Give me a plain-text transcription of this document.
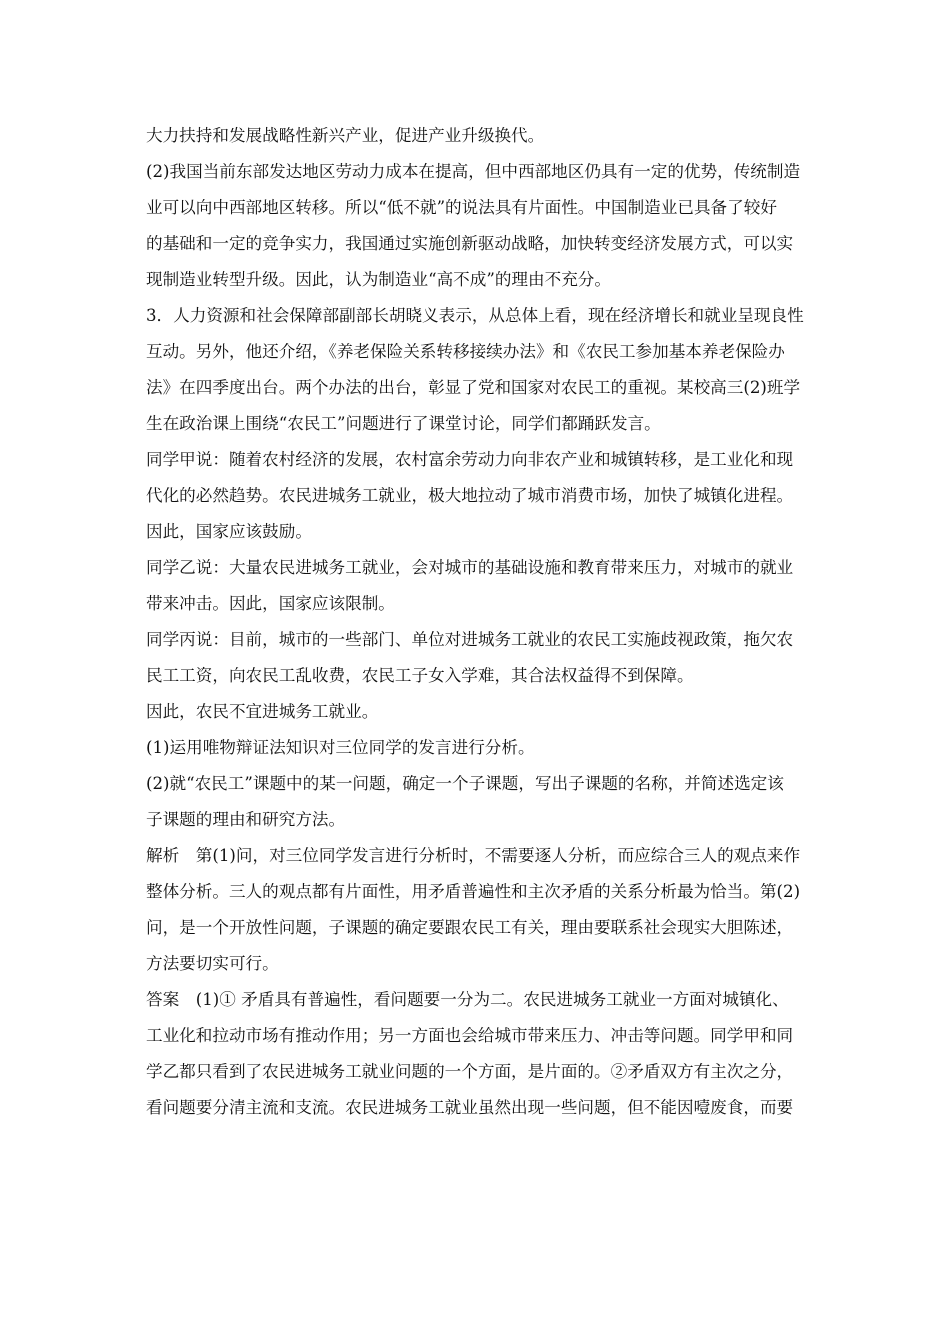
大力扶持和发展战略性新兴产业，促进产业升级换代。
(2)我国当前东部发达地区劳动力成本在提高，但中西部地区仍具有一定的优势，传统制造
业可以向中西部地区转移。所以“低不就”的说法具有片面性。中国制造业已具备了较好
的基础和一定的竞争实力，我国通过实施创新驱动战略，加快转变经济发展方式，可以实
现制造业转型升级。因此，认为制造业“高不成”的理由不充分。
3．人力资源和社会保障部副部长胡晓义表示，从总体上看，现在经济增长和就业呈现良性
互动。另外，他还介绍，《养老保险关系转移接续办法》和《农民工参加基本养老保险办
法》在四季度出台。两个办法的出台，彰显了党和国家对农民工的重视。某校高三(2)班学
生在政治课上围绕“农民工”问题进行了课堂讨论，同学们都踊跃发言。
同学甲说：随着农村经济的发展，农村富余劳动力向非农产业和城镇转移，是工业化和现
代化的必然趋势。农民进城务工就业，极大地拉动了城市消费市场，加快了城镇化进程。
因此，国家应该鼓励。
同学乙说：大量农民进城务工就业，会对城市的基础设施和教育带来压力，对城市的就业
带来冲击。因此，国家应该限制。
同学丙说：目前，城市的一些部门、单位对进城务工就业的农民工实施歧视政策，拖欠农
民工工资，向农民工乱收费，农民工子女入学难，其合法权益得不到保障。
因此，农民不宜进城务工就业。
(1)运用唯物辩证法知识对三位同学的发言进行分析。
(2)就“农民工”课题中的某一问题，确定一个子课题，写出子课题的名称，并简述选定该
子课题的理由和研究方法。
解析　第(1)问，对三位同学发言进行分析时，不需要逐人分析，而应综合三人的观点来作
整体分析。三人的观点都有片面性，用矛盾普遍性和主次矛盾的关系分析最为恰当。第(2)
问，是一个开放性问题，子课题的确定要跟农民工有关，理由要联系社会现实大胆陈述，
方法要切实可行。
答案　(1)① 矛盾具有普遍性，看问题要一分为二。农民进城务工就业一方面对城镇化、
工业化和拉动市场有推动作用；另一方面也会给城市带来压力、冲击等问题。同学甲和同
学乙都只看到了农民进城务工就业问题的一个方面，是片面的。②矛盾双方有主次之分，
看问题要分清主流和支流。农民进城务工就业虽然出现一些问题，但不能因噎废食，而要
